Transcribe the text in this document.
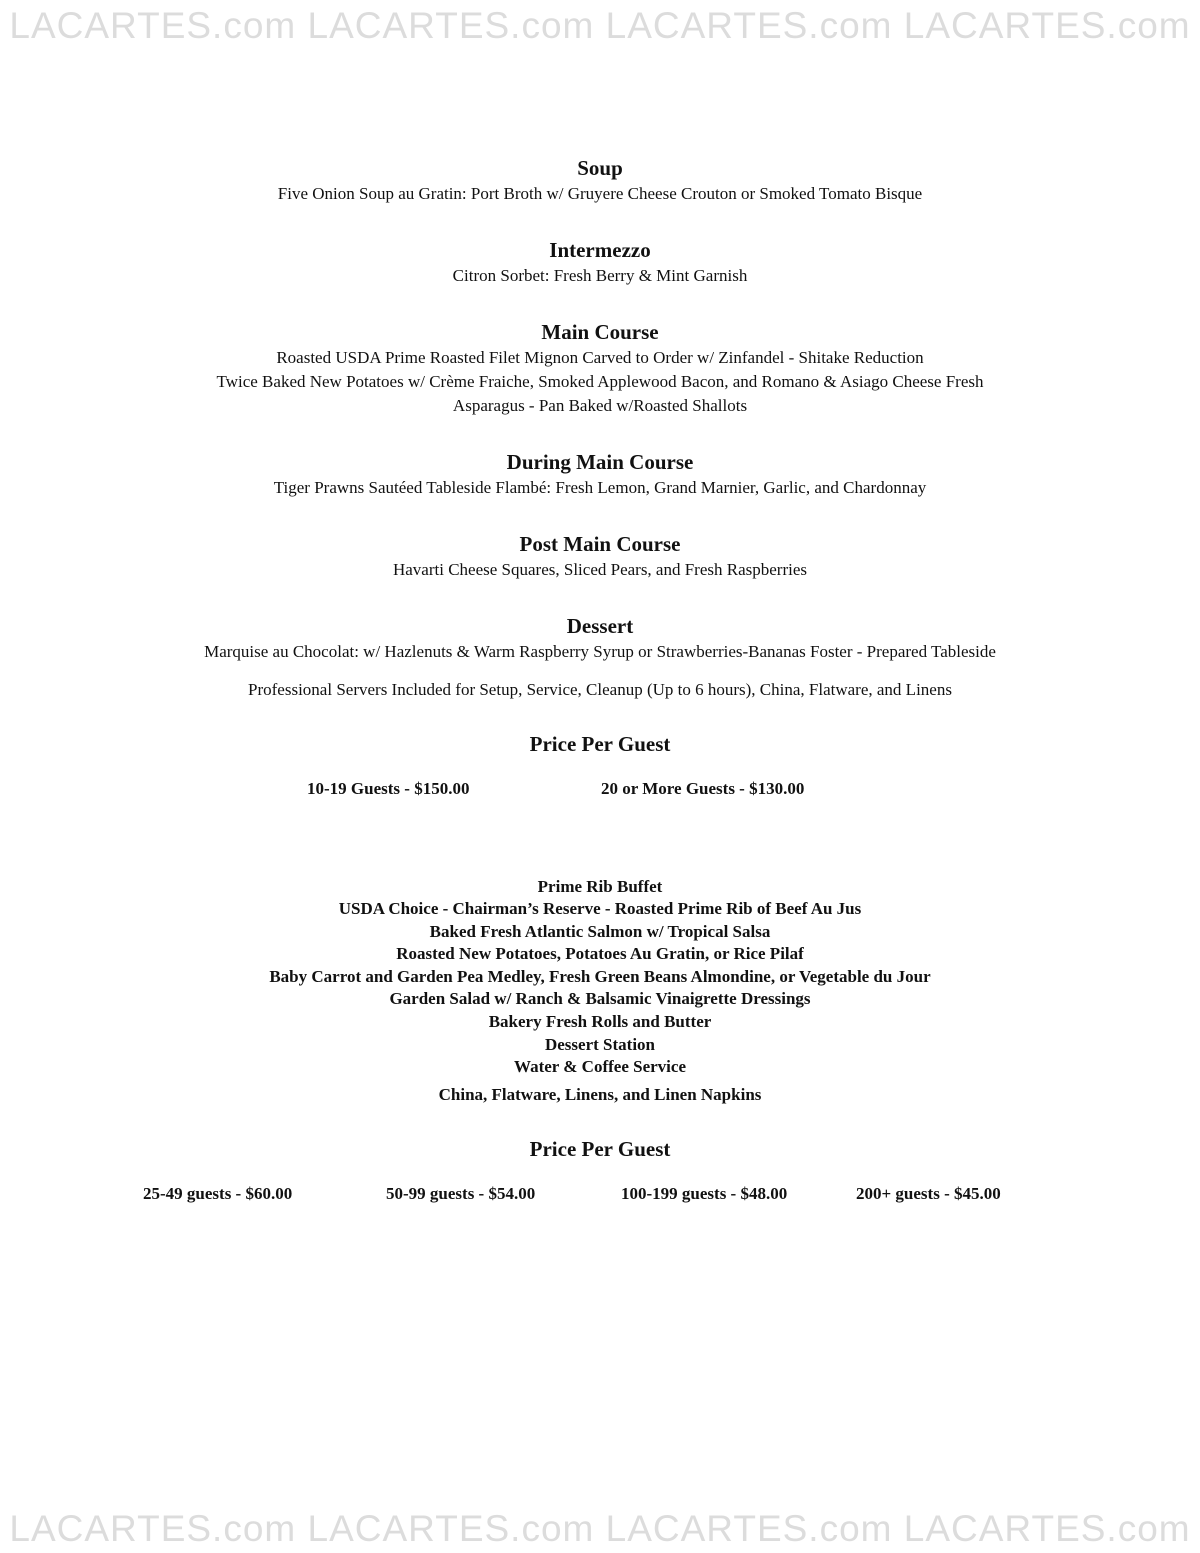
LACARTES.com LACARTES.com LACARTES.com LACARTES.com

Soup

Five Onion Soup au Gratin: Port Broth w/ Gruyere Cheese Crouton or Smoked Tomato Bisque

Intermezzo

Citron Sorbet: Fresh Berry & Mint Garnish

Main Course

Roasted USDA Prime Roasted Filet Mignon Carved to Order w/ Zinfandel - Shitake Reduction

Twice Baked New Potatoes w/ Crème Fraiche, Smoked Applewood Bacon, and Romano & Asiago Cheese Fresh

Asparagus - Pan Baked w/Roasted Shallots

During Main Course

Tiger Prawns Sautéed Tableside Flambé: Fresh Lemon, Grand Marnier, Garlic, and Chardonnay

Post Main Course

Havarti Cheese Squares, Sliced Pears, and Fresh Raspberries

Dessert

Marquise au Chocolat: w/ Hazlenuts & Warm Raspberry Syrup or Strawberries-Bananas Foster - Prepared Tableside

Professional Servers Included for Setup, Service, Cleanup (Up to 6 hours), China, Flatware, and Linens

Price Per Guest

10-19 Guests - $150.00	20 or More Guests - $130.00

Prime Rib Buffet

USDA Choice - Chairman’s Reserve - Roasted Prime Rib of Beef Au Jus

Baked Fresh Atlantic Salmon w/ Tropical Salsa

Roasted New Potatoes, Potatoes Au Gratin, or Rice Pilaf

Baby Carrot and Garden Pea Medley, Fresh Green Beans Almondine, or Vegetable du Jour

Garden Salad w/ Ranch & Balsamic Vinaigrette Dressings

Bakery Fresh Rolls and Butter

Dessert Station

Water & Coffee Service

China, Flatware, Linens, and Linen Napkins

Price Per Guest

25-49 guests - $60.00	50-99 guests - $54.00	100-199 guests - $48.00	200+ guests - $45.00
LACARTES.com LACARTES.com LACARTES.com LACARTES.com
